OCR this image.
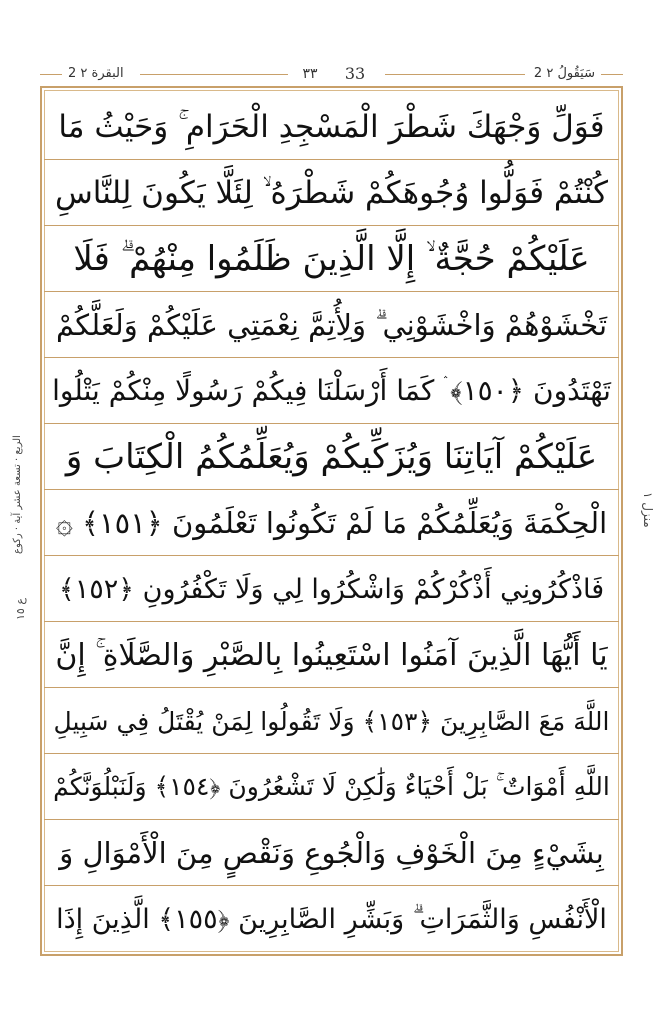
2 البقرة ٢	٣٣	33	2 سَيَقُولُ ٢
الربع · تسعة عشر آية · ركوع
ع ١٥
منزل ١
فَوَلِّ وَجْهَكَ شَطْرَ الْمَسْجِدِ الْحَرَامِ ۚ وَحَيْثُ مَا
كُنْتُمْ فَوَلُّوا وُجُوهَكُمْ شَطْرَهُ ۙ لِئَلَّا يَكُونَ لِلنَّاسِ
عَلَيْكُمْ حُجَّةٌ ۙ إِلَّا الَّذِينَ ظَلَمُوا مِنْهُمْ ۗ فَلَا
تَخْشَوْهُمْ وَاخْشَوْنِي ۗ وَلِأُتِمَّ نِعْمَتِي عَلَيْكُمْ وَلَعَلَّكُمْ
تَهْتَدُونَ ﴿١٥٠﴾ ۛ كَمَا أَرْسَلْنَا فِيكُمْ رَسُولًا مِنْكُمْ يَتْلُوا
عَلَيْكُمْ آيَاتِنَا وَيُزَكِّيكُمْ وَيُعَلِّمُكُمُ الْكِتَابَ وَ
الْحِكْمَةَ وَيُعَلِّمُكُمْ مَا لَمْ تَكُونُوا تَعْلَمُونَ ﴿١٥١﴾ ۞
فَاذْكُرُونِي أَذْكُرْكُمْ وَاشْكُرُوا لِي وَلَا تَكْفُرُونِ ﴿١٥٢﴾
يَا أَيُّهَا الَّذِينَ آمَنُوا اسْتَعِينُوا بِالصَّبْرِ وَالصَّلَاةِ ۚ إِنَّ
اللَّهَ مَعَ الصَّابِرِينَ ﴿١٥٣﴾ وَلَا تَقُولُوا لِمَنْ يُقْتَلُ فِي سَبِيلِ
اللَّهِ أَمْوَاتٌ ۚ بَلْ أَحْيَاءٌ وَلَٰكِنْ لَا تَشْعُرُونَ ﴿١٥٤﴾ وَلَنَبْلُوَنَّكُمْ
بِشَيْءٍ مِنَ الْخَوْفِ وَالْجُوعِ وَنَقْصٍ مِنَ الْأَمْوَالِ وَ
الْأَنْفُسِ وَالثَّمَرَاتِ ۗ وَبَشِّرِ الصَّابِرِينَ ﴿١٥٥﴾ الَّذِينَ إِذَا
